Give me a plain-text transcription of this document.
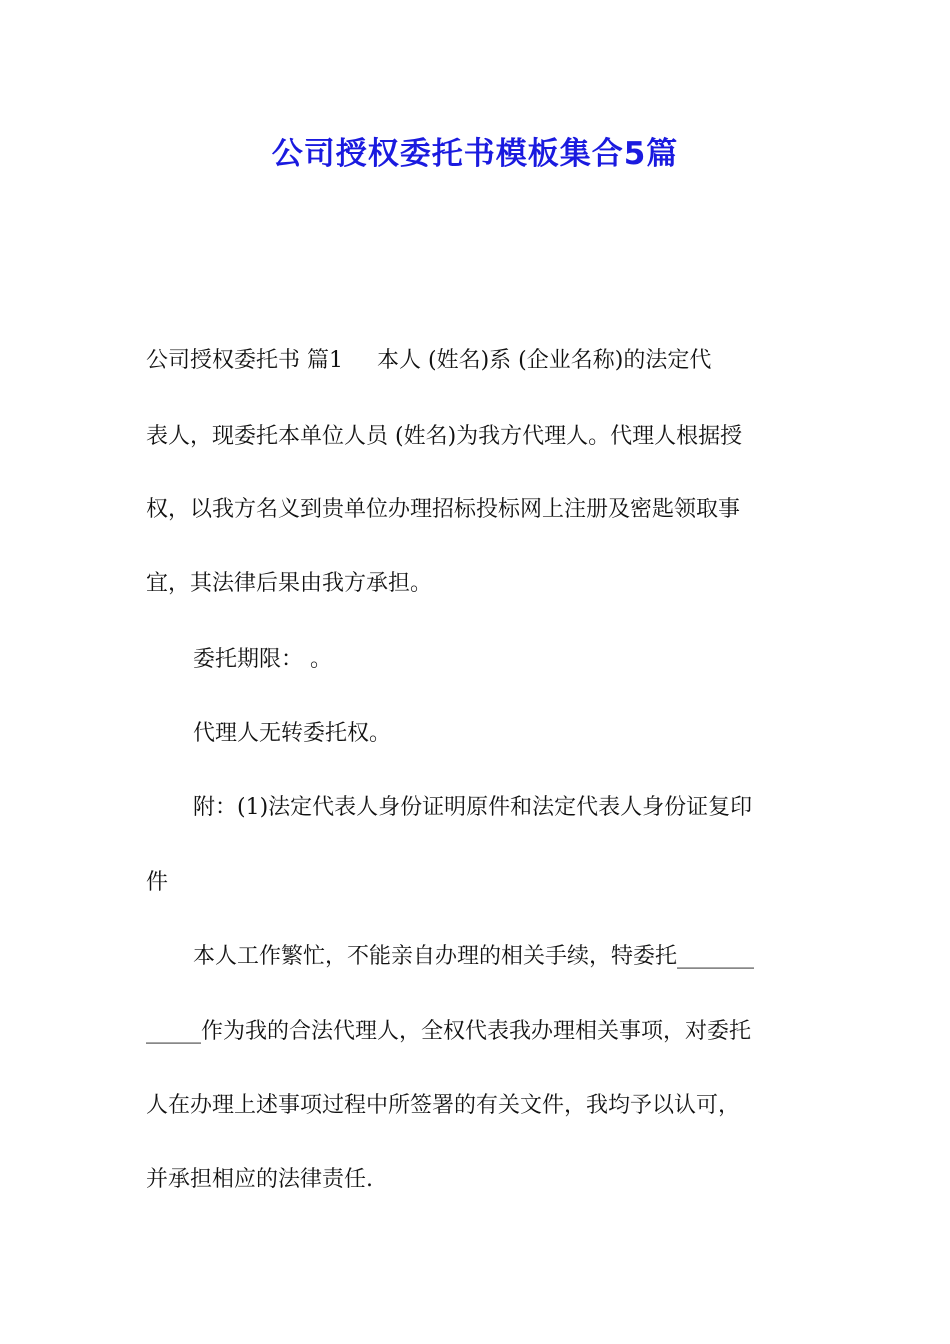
公司授权委托书模板集合5篇
公司授权委托书 篇1 本人 (姓名)系 (企业名称)的法定代
表人，现委托本单位人员 (姓名)为我方代理人。代理人根据授
权，以我方名义到贵单位办理招标投标网上注册及密匙领取事
宜，其法律后果由我方承担。
委托期限： 。
代理人无转委托权。
附：(1)法定代表人身份证明原件和法定代表人身份证复印
件
本人工作繁忙，不能亲自办理的相关手续，特委托_______
_____作为我的合法代理人，全权代表我办理相关事项，对委托
人在办理上述事项过程中所签署的有关文件，我均予以认可，
并承担相应的法律责任.
